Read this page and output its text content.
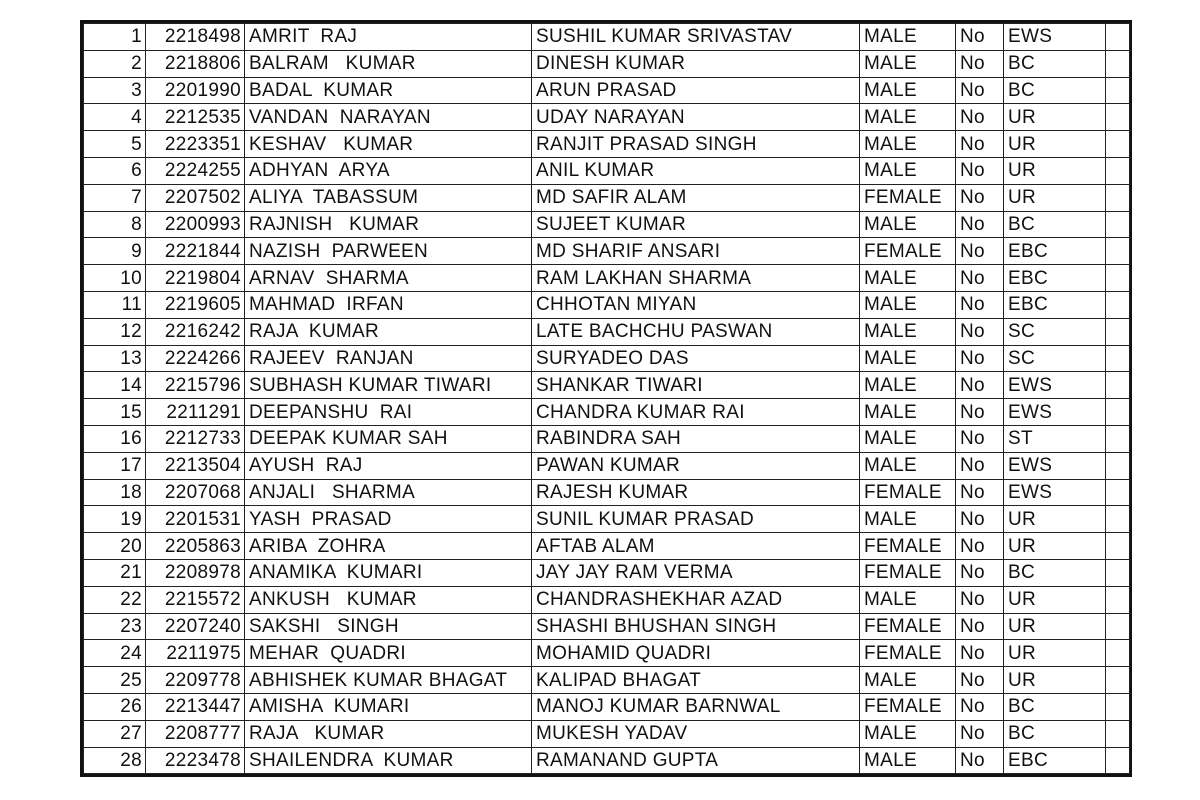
1	2218498	AMRIT  RAJ	SUSHIL KUMAR SRIVASTAV	MALE	No	EWS	
2	2218806	BALRAM   KUMAR	DINESH KUMAR	MALE	No	BC	
3	2201990	BADAL  KUMAR	ARUN PRASAD	MALE	No	BC	
4	2212535	VANDAN  NARAYAN	UDAY NARAYAN	MALE	No	UR	
5	2223351	KESHAV   KUMAR	RANJIT PRASAD SINGH	MALE	No	UR	
6	2224255	ADHYAN  ARYA	ANIL KUMAR	MALE	No	UR	
7	2207502	ALIYA  TABASSUM	MD SAFIR ALAM	FEMALE	No	UR	
8	2200993	RAJNISH   KUMAR	SUJEET KUMAR	MALE	No	BC	
9	2221844	NAZISH  PARWEEN	MD SHARIF ANSARI	FEMALE	No	EBC	
10	2219804	ARNAV  SHARMA	RAM LAKHAN SHARMA	MALE	No	EBC	
11	2219605	MAHMAD  IRFAN	CHHOTAN MIYAN	MALE	No	EBC	
12	2216242	RAJA  KUMAR	LATE BACHCHU PASWAN	MALE	No	SC	
13	2224266	RAJEEV  RANJAN	SURYADEO DAS	MALE	No	SC	
14	2215796	SUBHASH KUMAR TIWARI	SHANKAR TIWARI	MALE	No	EWS	
15	2211291	DEEPANSHU  RAI	CHANDRA KUMAR RAI	MALE	No	EWS	
16	2212733	DEEPAK KUMAR SAH	RABINDRA SAH	MALE	No	ST	
17	2213504	AYUSH  RAJ	PAWAN KUMAR	MALE	No	EWS	
18	2207068	ANJALI   SHARMA	RAJESH KUMAR	FEMALE	No	EWS	
19	2201531	YASH  PRASAD	SUNIL KUMAR PRASAD	MALE	No	UR	
20	2205863	ARIBA  ZOHRA	AFTAB ALAM	FEMALE	No	UR	
21	2208978	ANAMIKA  KUMARI	JAY JAY RAM VERMA	FEMALE	No	BC	
22	2215572	ANKUSH   KUMAR	CHANDRASHEKHAR AZAD	MALE	No	UR	
23	2207240	SAKSHI   SINGH	SHASHI BHUSHAN SINGH	FEMALE	No	UR	
24	2211975	MEHAR  QUADRI	MOHAMID QUADRI	FEMALE	No	UR	
25	2209778	ABHISHEK KUMAR BHAGAT	KALIPAD BHAGAT	MALE	No	UR	
26	2213447	AMISHA  KUMARI	MANOJ KUMAR BARNWAL	FEMALE	No	BC	
27	2208777	RAJA   KUMAR	MUKESH YADAV	MALE	No	BC	
28	2223478	SHAILENDRA  KUMAR	RAMANAND GUPTA	MALE	No	EBC	
